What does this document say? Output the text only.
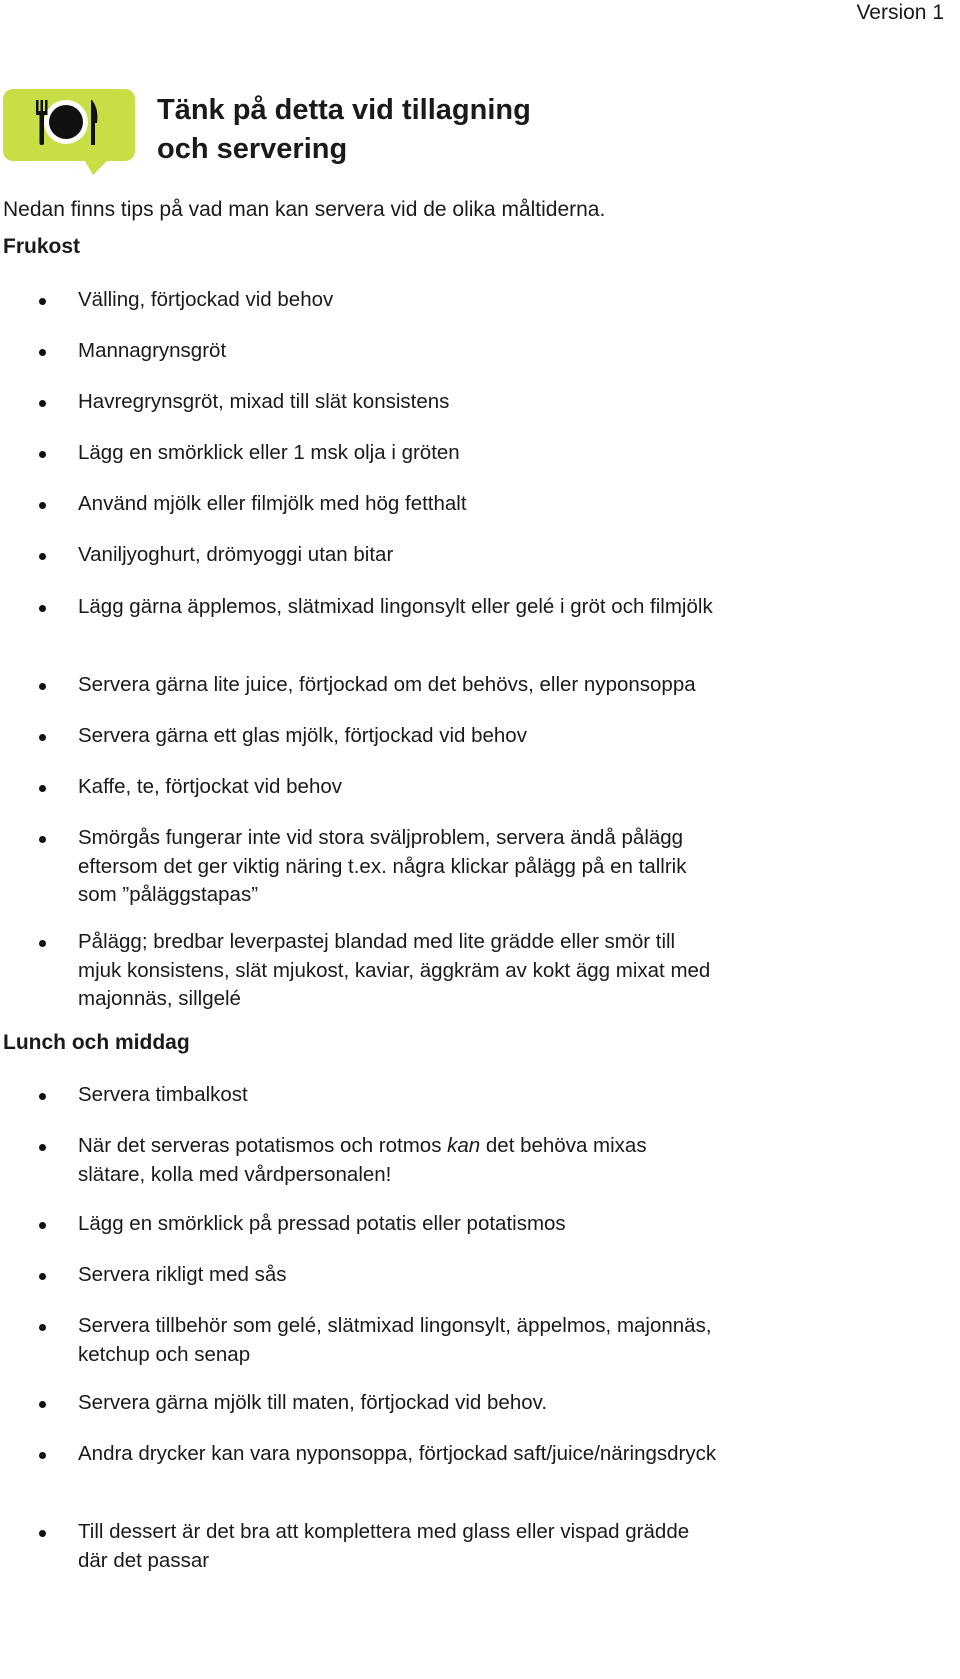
Version 1
Tänk på detta vid tillagning
och servering

Nedan finns tips på vad man kan servera vid de olika måltiderna.

Frukost
Välling, förtjockad vid behov
Mannagrynsgröt
Havregrynsgröt, mixad till slät konsistens
Lägg en smörklick eller 1 msk olja i gröten
Använd mjölk eller filmjölk med hög fetthalt
Vaniljyoghurt, drömyoggi utan bitar
Lägg gärna äpplemos, slätmixad lingonsylt eller gelé i gröt och filmjölk
Servera gärna lite juice, förtjockad om det behövs, eller nyponsoppa
Servera gärna ett glas mjölk, förtjockad vid behov
Kaffe, te, förtjockat vid behov
Smörgås fungerar inte vid stora sväljproblem, servera ändå pålägg eftersom det ger viktig näring t.ex. några klickar pålägg på en tallrik som ”påläggstapas”
Pålägg; bredbar leverpastej blandad med lite grädde eller smör till mjuk konsistens, slät mjukost, kaviar, äggkräm av kokt ägg mixat med majonnäs, sillgelé
Lunch och middag
Servera timbalkost
När det serveras potatismos och rotmos kan det behöva mixas slätare, kolla med vårdpersonalen!
Lägg en smörklick på pressad potatis eller potatismos
Servera rikligt med sås
Servera tillbehör som gelé, slätmixad lingonsylt, äppelmos, majonnäs, ketchup och senap
Servera gärna mjölk till maten, förtjockad vid behov.
Andra drycker kan vara nyponsoppa, förtjockad saft/juice/näringsdryck
Till dessert är det bra att komplettera med glass eller vispad grädde där det passar
